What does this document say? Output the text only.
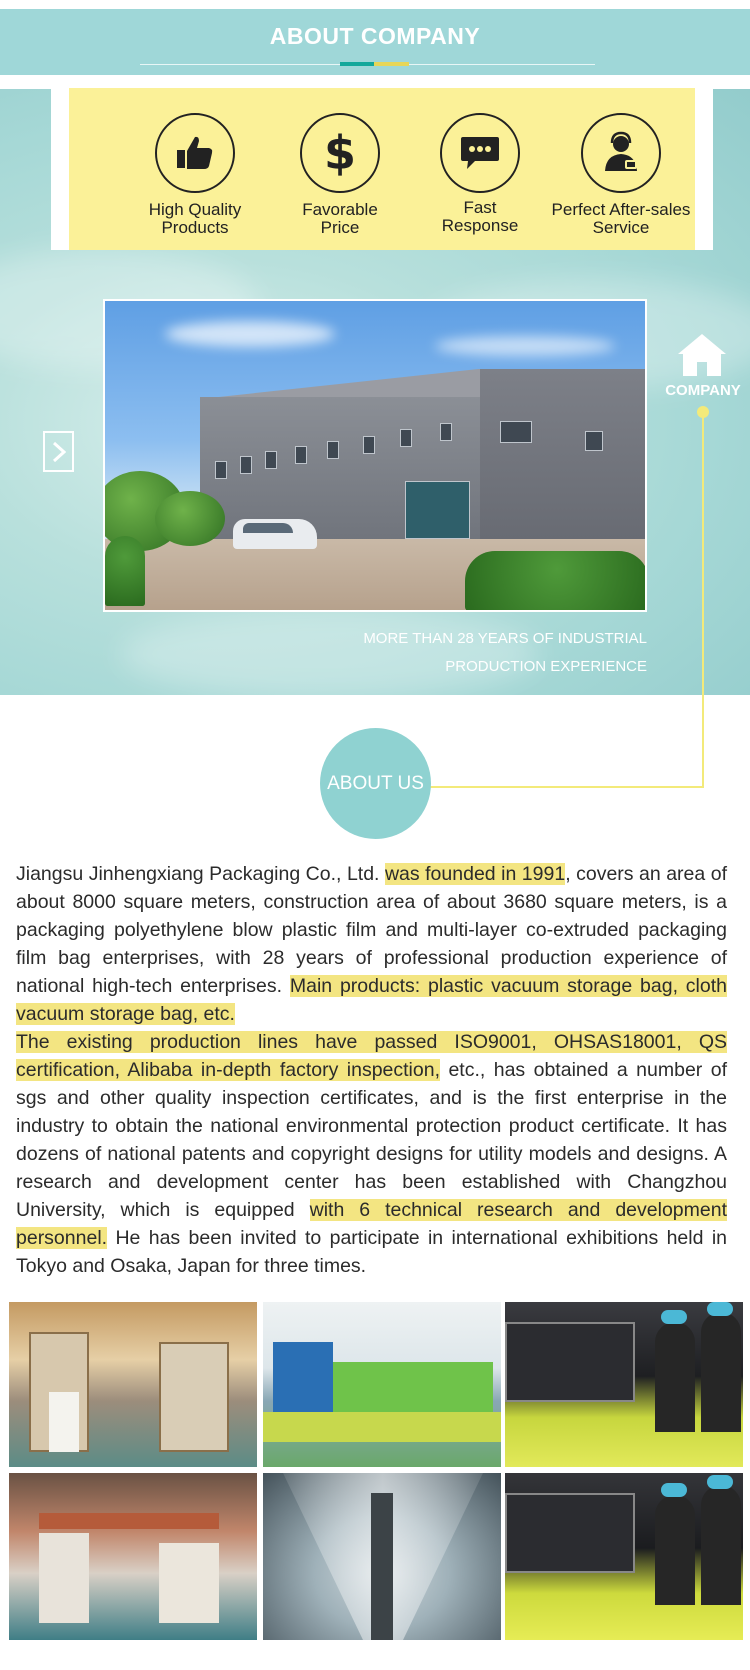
ABOUT COMPANY
High Quality
Products
$
Favorable
Price
Fast
Response
Perfect After-sales
Service
MORE THAN 28 YEARS OF INDUSTRIAL
PRODUCTION EXPERIENCE
COMPANY
ABOUT US
Jiangsu Jinhengxiang Packaging Co., Ltd. was founded in 1991, covers an area of about 8000 square meters, construction area of about 3680 square meters, is a packaging polyethylene blow plastic film and multi-layer co-extruded packaging film bag enterprises, with 28 years of professional production experience of national high-tech enterprises. Main products: plastic vacuum storage bag, cloth vacuum storage bag, etc.
The existing production lines have passed ISO9001, OHSAS18001, QS certification, Alibaba in-depth factory inspection, etc., has obtained a number of sgs and other quality inspection certificates, and is the first enterprise in the industry to obtain the national environmental protection product certificate. It has dozens of national patents and copyright designs for utility models and designs. A research and development center has been established with Changzhou University, which is equipped with 6 technical research and development personnel. He has been invited to participate in international exhibitions held in Tokyo and Osaka, Japan for three times.
